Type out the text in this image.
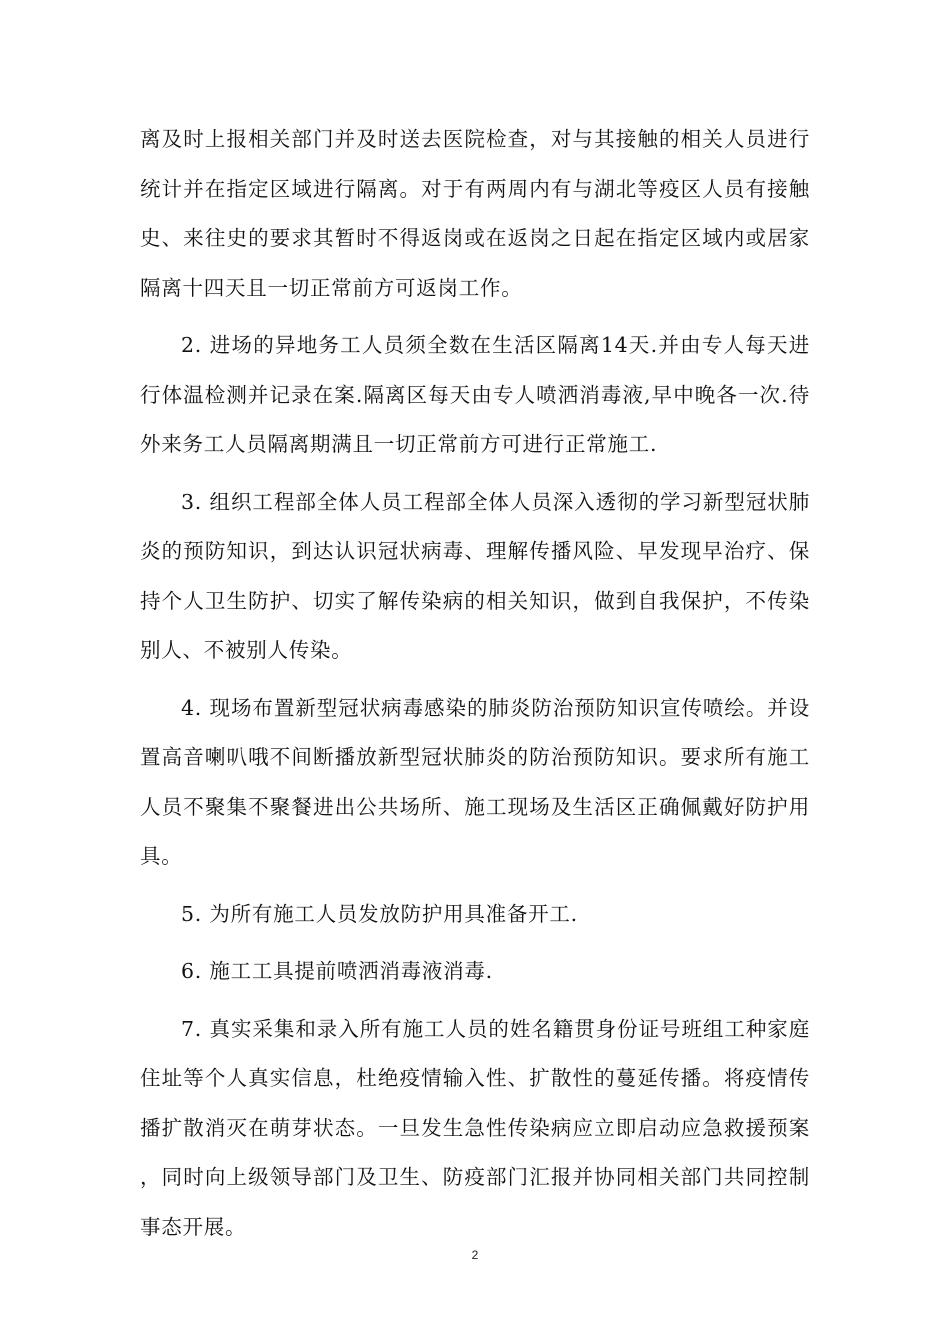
离及时上报相关部门并及时送去医院检查，对与其接触的相关人员进行统计并在指定区域进行隔离。对于有两周内有与湖北等疫区人员有接触史、来往史的要求其暂时不得返岗或在返岗之日起在指定区域内或居家隔离十四天且一切正常前方可返岗工作。

2. 进场的异地务工人员须全数在生活区隔离14天.并由专人每天进行体温检测并记录在案.隔离区每天由专人喷洒消毒液,早中晚各一次.待外来务工人员隔离期满且一切正常前方可进行正常施工.

3. 组织工程部全体人员工程部全体人员深入透彻的学习新型冠状肺炎的预防知识，到达认识冠状病毒、理解传播风险、早发现早治疗、保持个人卫生防护、切实了解传染病的相关知识，做到自我保护，不传染别人、不被别人传染。

4. 现场布置新型冠状病毒感染的肺炎防治预防知识宣传喷绘。并设置高音喇叭哦不间断播放新型冠状肺炎的防治预防知识。要求所有施工人员不聚集不聚餐进出公共场所、施工现场及生活区正确佩戴好防护用具。

5. 为所有施工人员发放防护用具准备开工.

6. 施工工具提前喷洒消毒液消毒.

7. 真实采集和录入所有施工人员的姓名籍贯身份证号班组工种家庭住址等个人真实信息，杜绝疫情输入性、扩散性的蔓延传播。将疫情传播扩散消灭在萌芽状态。一旦发生急性传染病应立即启动应急救援预案，同时向上级领导部门及卫生、防疫部门汇报并协同相关部门共同控制事态开展。

2
